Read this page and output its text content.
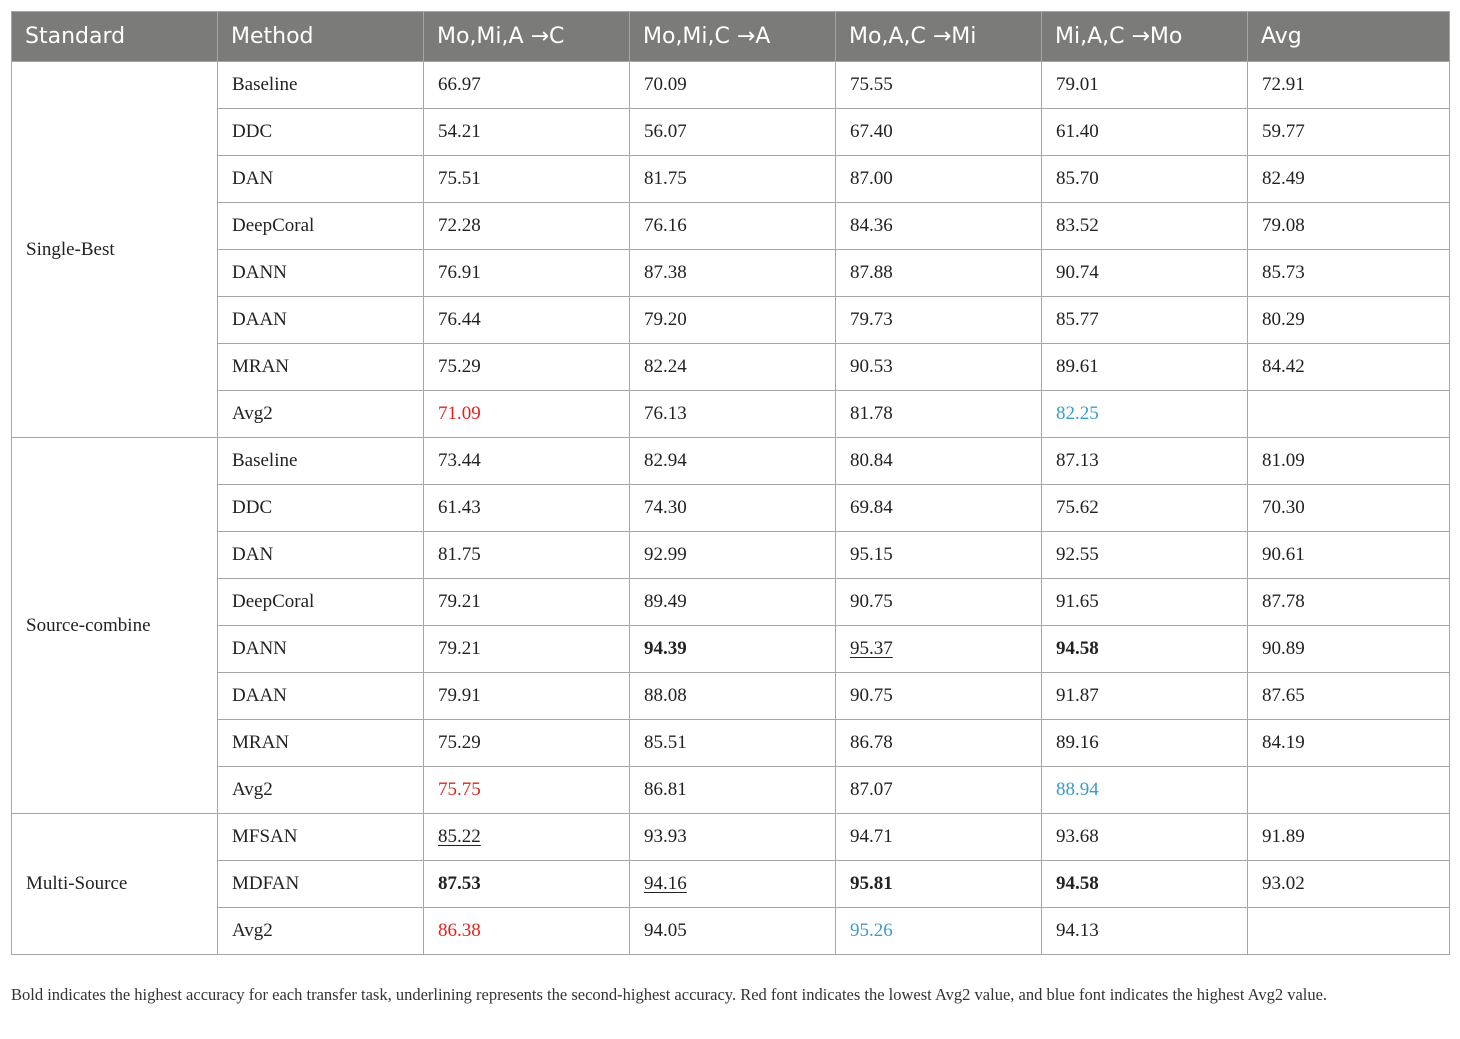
Standard	Method	Mo,Mi,A →C	Mo,Mi,C →A	Mo,A,C →Mi	Mi,A,C →Mo	Avg
Single-Best	Baseline	66.97	70.09	75.55	79.01	72.91
	DDC	54.21	56.07	67.40	61.40	59.77
	DAN	75.51	81.75	87.00	85.70	82.49
	DeepCoral	72.28	76.16	84.36	83.52	79.08
	DANN	76.91	87.38	87.88	90.74	85.73
	DAAN	76.44	79.20	79.73	85.77	80.29
	MRAN	75.29	82.24	90.53	89.61	84.42
	Avg2	71.09	76.13	81.78	82.25	
Source-combine	Baseline	73.44	82.94	80.84	87.13	81.09
	DDC	61.43	74.30	69.84	75.62	70.30
	DAN	81.75	92.99	95.15	92.55	90.61
	DeepCoral	79.21	89.49	90.75	91.65	87.78
	DANN	79.21	94.39	95.37	94.58	90.89
	DAAN	79.91	88.08	90.75	91.87	87.65
	MRAN	75.29	85.51	86.78	89.16	84.19
	Avg2	75.75	86.81	87.07	88.94	
Multi-Source	MFSAN	85.22	93.93	94.71	93.68	91.89
	MDFAN	87.53	94.16	95.81	94.58	93.02
	Avg2	86.38	94.05	95.26	94.13	
Bold indicates the highest accuracy for each transfer task, underlining represents the second-highest accuracy. Red font indicates the lowest Avg2 value, and blue font indicates the highest Avg2 value.
